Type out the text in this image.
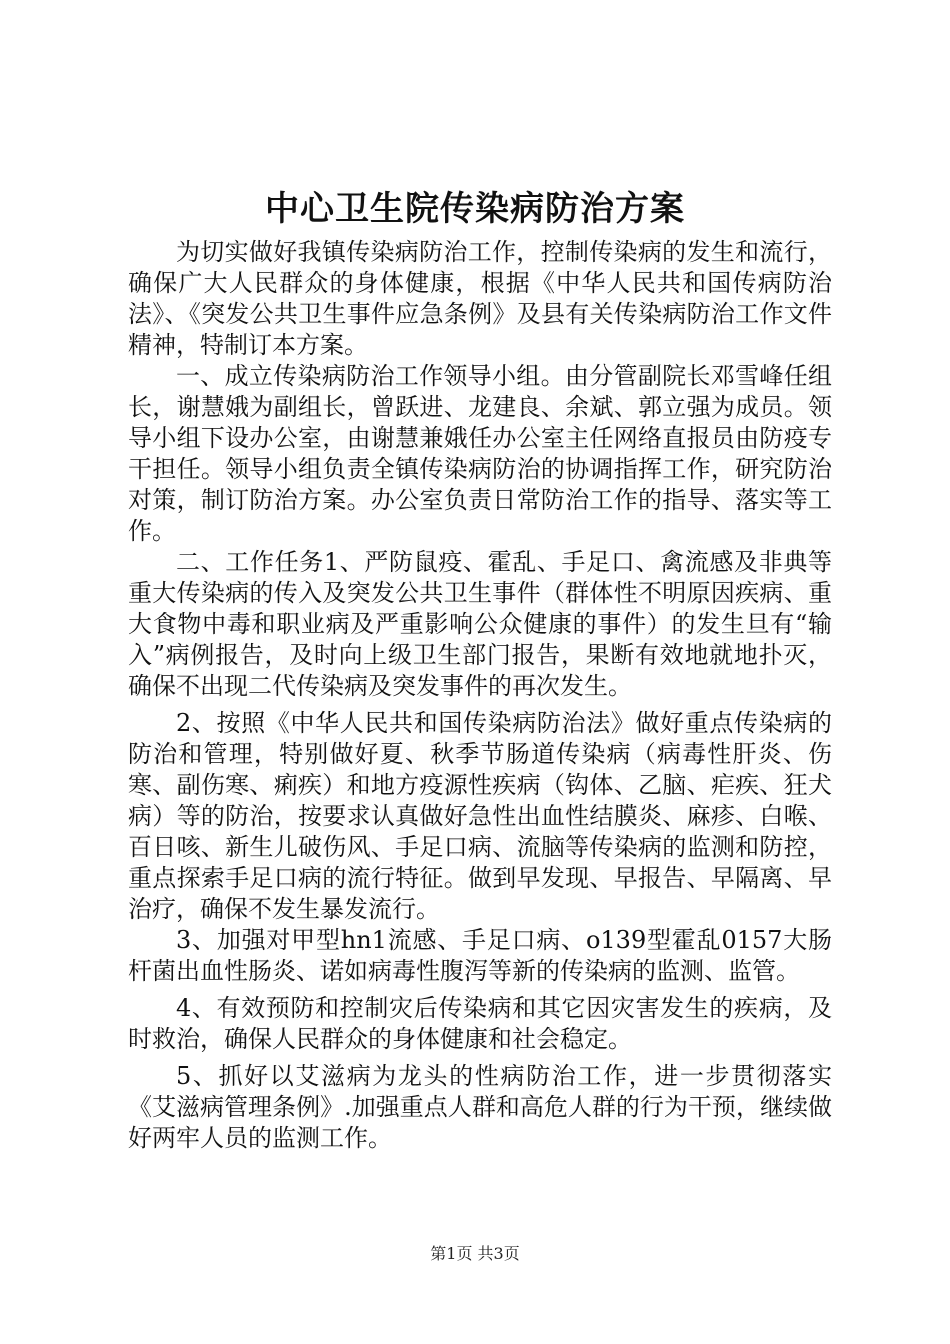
中心卫生院传染病防治方案

为切实做好我镇传染病防治工作，控制传染病的发生和流行，确保广大人民群众的身体健康，根据《中华人民共和国传病防治法》、《突发公共卫生事件应急条例》及县有关传染病防治工作文件精神，特制订本方案。

一、成立传染病防治工作领导小组。由分管副院长邓雪峰任组长，谢慧娥为副组长，曾跃进、龙建良、余斌、郭立强为成员。领导小组下设办公室，由谢慧兼娥任办公室主任网络直报员由防疫专干担任。领导小组负责全镇传染病防治的协调指挥工作，研究防治对策，制订防治方案。办公室负责日常防治工作的指导、落实等工作。

二、工作任务1、严防鼠疫、霍乱、手足口、禽流感及非典等重大传染病的传入及突发公共卫生事件（群体性不明原因疾病、重大食物中毒和职业病及严重影响公众健康的事件）的发生旦有“输入”病例报告，及时向上级卫生部门报告，果断有效地就地扑灭，确保不出现二代传染病及突发事件的再次发生。

2、按照《中华人民共和国传染病防治法》做好重点传染病的防治和管理，特别做好夏、秋季节肠道传染病（病毒性肝炎、伤寒、副伤寒、痢疾）和地方疫源性疾病（钩体、乙脑、疟疾、狂犬病）等的防治，按要求认真做好急性出血性结膜炎、麻疹、白喉、百日咳、新生儿破伤风、手足口病、流脑等传染病的监测和防控，重点探索手足口病的流行特征。做到早发现、早报告、早隔离、早治疗，确保不发生暴发流行。

3、加强对甲型hn1流感、手足口病、o139型霍乱0157大肠杆菌出血性肠炎、诺如病毒性腹泻等新的传染病的监测、监管。

4、有效预防和控制灾后传染病和其它因灾害发生的疾病，及时救治，确保人民群众的身体健康和社会稳定。

5、抓好以艾滋病为龙头的性病防治工作，进一步贯彻落实《艾滋病管理条例》.加强重点人群和高危人群的行为干预，继续做好两牢人员的监测工作。

第1页 共3页
